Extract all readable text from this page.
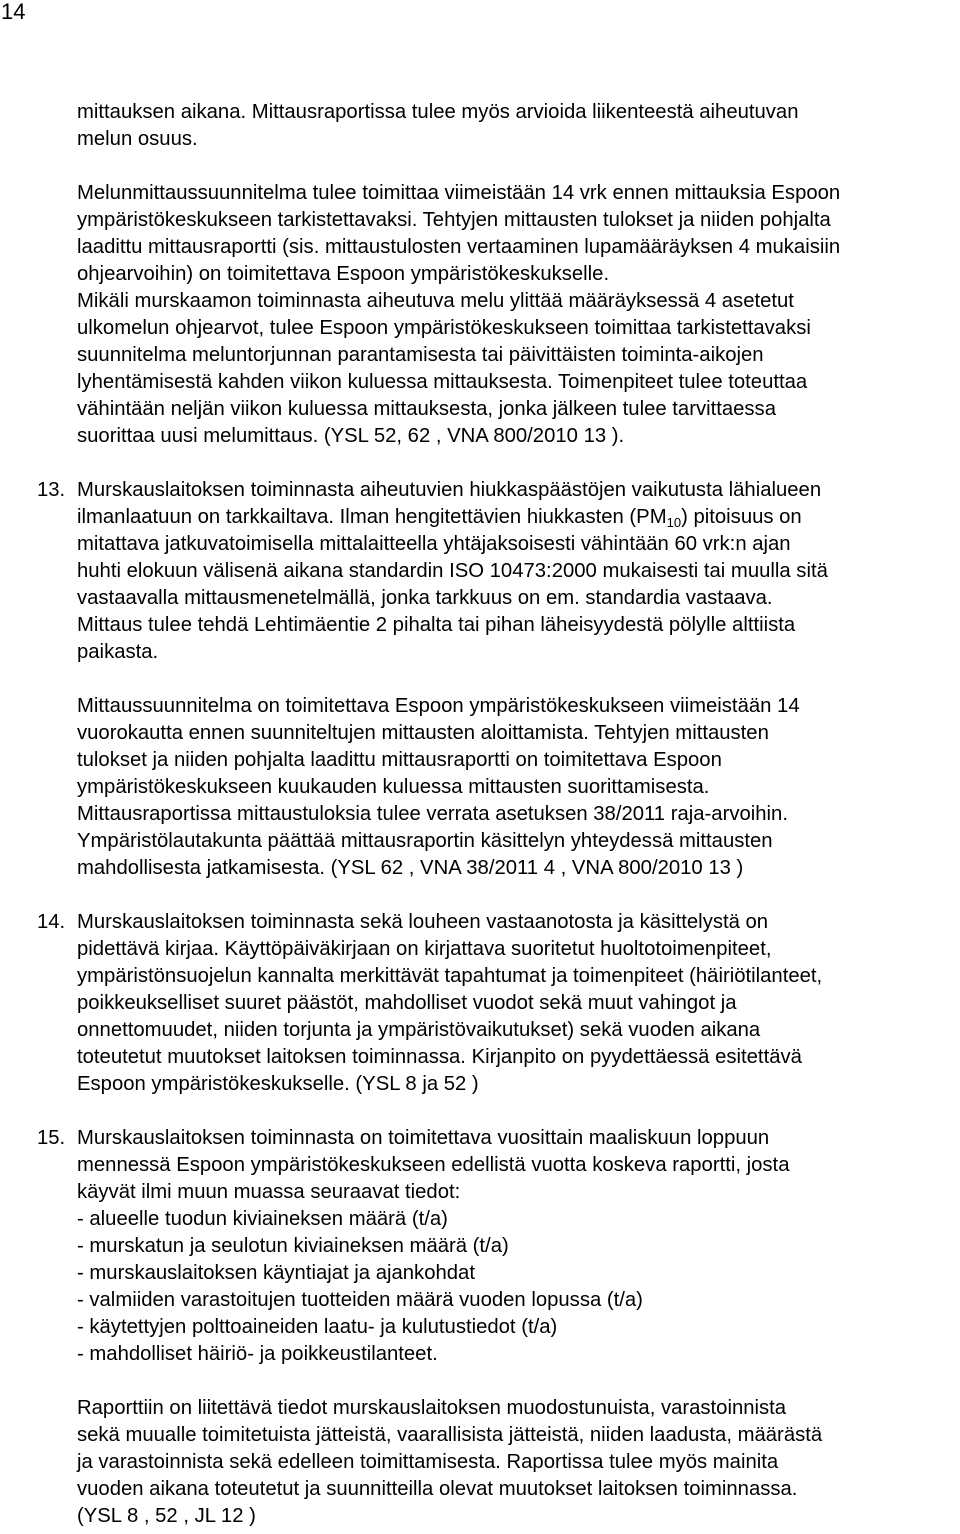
14
mittauksen aikana. Mittausraportissa tulee myös arvioida liikenteestä aiheutuvan
melun osuus.
Melunmittaussuunnitelma tulee toimittaa viimeistään 14 vrk ennen mittauksia Espoon
ympäristökeskukseen tarkistettavaksi. Tehtyjen mittausten tulokset ja niiden pohjalta
laadittu mittausraportti (sis. mittaustulosten vertaaminen lupamääräyksen 4 mukaisiin
ohjearvoihin) on toimitettava Espoon ympäristökeskukselle.
Mikäli murskaamon toiminnasta aiheutuva melu ylittää määräyksessä 4 asetetut
ulkomelun ohjearvot, tulee Espoon ympäristökeskukseen toimittaa tarkistettavaksi
suunnitelma meluntorjunnan parantamisesta tai päivittäisten toiminta-aikojen
lyhentämisestä kahden viikon kuluessa mittauksesta. Toimenpiteet tulee toteuttaa
vähintään neljän viikon kuluessa mittauksesta, jonka jälkeen tulee tarvittaessa
suorittaa uusi melumittaus. (YSL 52, 62 , VNA 800/2010 13 ).
13. Murskauslaitoksen toiminnasta aiheutuvien hiukkaspäästöjen vaikutusta lähialueen
ilmanlaatuun on tarkkailtava. Ilman hengitettävien hiukkasten $(PM_{10})$ pitoisuus on
mitattava jatkuvatoimisella mittalaitteella yhtäjaksoisesti vähintään 60 vrk:n ajan
huhti elokuun välisenä aikana standardin ISO 10473:2000 mukaisesti tai muulla sitä
vastaavalla mittausmenetelmällä, jonka tarkkuus on em. standardia vastaava.
Mittaus tulee tehdä Lehtimäentie 2 pihalta tai pihan läheisyydestä pölylle alttiista
paikasta.
Mittaussuunnitelma on toimitettava Espoon ympäristökeskukseen viimeistään 14
vuorokautta ennen suunniteltujen mittausten aloittamista. Tehtyjen mittausten
tulokset ja niiden pohjalta laadittu mittausraportti on toimitettava Espoon
ympäristökeskukseen kuukauden kuluessa mittausten suorittamisesta.
Mittausraportissa mittaustuloksia tulee verrata asetuksen 38/2011 raja-arvoihin.
Ympäristölautakunta päättää mittausraportin käsittelyn yhteydessä mittausten
mahdollisesta jatkamisesta. (YSL 62 , VNA 38/2011 4 , VNA 800/2010 13 )
14. Murskauslaitoksen toiminnasta sekä louheen vastaanotosta ja käsittelystä on
pidettävä kirjaa. Käyttöpäiväkirjaan on kirjattava suoritetut huoltotoimenpiteet,
ympäristönsuojelun kannalta merkittävät tapahtumat ja toimenpiteet (häiriötilanteet,
poikkeukselliset suuret päästöt, mahdolliset vuodot sekä muut vahingot ja
onnettomuudet, niiden torjunta ja ympäristövaikutukset) sekä vuoden aikana
toteutetut muutokset laitoksen toiminnassa. Kirjanpito on pyydettäessä esitettävä
Espoon ympäristökeskukselle. (YSL 8 ja 52 )
15. Murskauslaitoksen toiminnasta on toimitettava vuosittain maaliskuun loppuun
mennessä Espoon ympäristökeskukseen edellistä vuotta koskeva raportti, josta
käyvät ilmi muun muassa seuraavat tiedot:
- alueelle tuodun kiviaineksen määrä (t/a)
- murskatun ja seulotun kiviaineksen määrä (t/a)
- murskauslaitoksen käyntiajat ja ajankohdat
- valmiiden varastoitujen tuotteiden määrä vuoden lopussa (t/a)
- käytettyjen polttoaineiden laatu- ja kulutustiedot (t/a)
- mahdolliset häiriö- ja poikkeustilanteet.
Raporttiin on liitettävä tiedot murskauslaitoksen muodostunuista, varastoinnista
sekä muualle toimitetuista jätteistä, vaarallisista jätteistä, niiden laadusta, määrästä
ja varastoinnista sekä edelleen toimittamisesta. Raportissa tulee myös mainita
vuoden aikana toteutetut ja suunnitteilla olevat muutokset laitoksen toiminnassa.
(YSL 8 , 52 , JL 12 )
